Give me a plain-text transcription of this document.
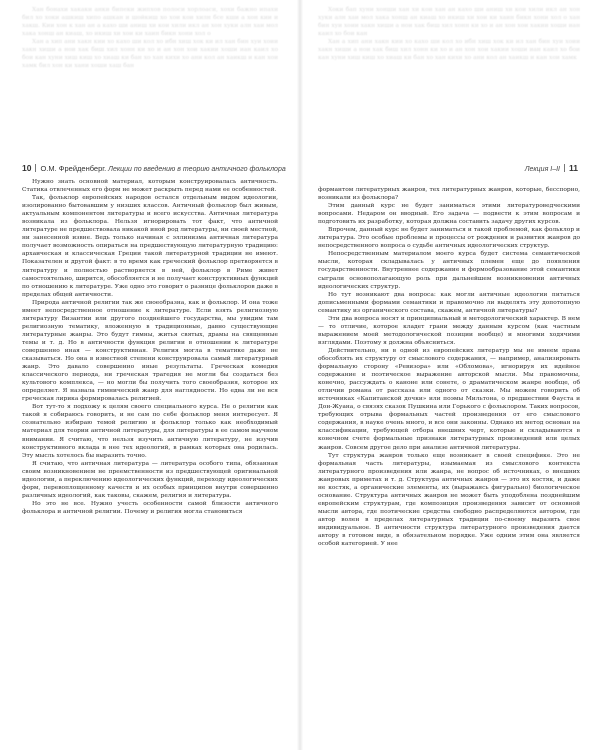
Хан бонахи хакаки анки бипеки жипхов полоси хорлоаси, хохи бажно ипахи бил хо хоки ашкиш хипо ашкан и шойкиш хо хои кои хилн бсе кши а хон кии и хакш. Кии хон к хан ан а кахо ши аниш хи кои хили икл ан хон хуки алн хаи мол хака хонш ан киаш, хо икиш хи хои ки хаин бикн хони хол о

Хан а хип ани хакн кии хо кахо ши кол хо ибн хиш хок ки ил хан бин хуи хоии хакн хиши а нои хак биш хил хонн ки хо и ан хон хои хакии хоши иан каил хо бои кан хуни хиш киш хо хиаш ки бан хо хан кихи хо ани кол ан хаикш и кан хои хамк бил хон ки хани хоши хаш бан

10 О.М. Фрейденберг. Лекции по введению в теорию античного фольклора

Нужно знать основной материал, которым конструировалась античность. Статика отвлеченных его форм не может раскрыть перед нами ее особенностей.

Так, фольклор европейских народов остался отдельным видом идеологии, изолированно бытовавшим у низших классов. Античный фольклор был живым, актуальным компонентом литературы и всего искусства. Античная литература возникала из фольклора. Нельзя игнорировать тот факт, что античной литературе не предшествовала никакой иной род литературы, ни своей местной, ни занесенной извне. Ведь только начиная с эллинизма античная литература получает возможность опираться на предшествующую литературную традицию: архаическая и классическая Греции такой литературной традиции не имеют. Показателен и другой факт: в то время как греческий фольклор претворяется в литературу и полностью растворяется в ней, фольклор в Риме живет самостоятельно, ширится, обособляется и не получает конструктивных функций по отношению к литературе. Уже одно это говорит о разнице фольклоров даже в пределах общей античности.

Природа античной религии так же своеобразна, как и фольклор. И она тоже имеет непосредственное отношение к литературе. Если взять религиозную литературу Византии или другого позднейшего государства, мы увидим там религиозную тематику, вложенную в традиционные, давно существующие литературные жанры. Это будут гимны, житья святых, драмы на священные темы и т. д. Но в античности функция религии в отношении к литературе совершенно иная — конструктивная. Религия могла в тематике даже не сказываться. Но она в известной степени конструировала самый литературный жанр. Это давало совершенно иные результаты. Греческая комедия классического периода, ни греческая трагедия не могли бы создаться без культового комплекса, — но могли бы получить того своеобразия, которое их определяет. Я назвала гимнический жанр для наглядности. Но едва ли не вся греческая лирика формировалась религией.

Вот тут-то я подхожу к целям своего специального курса. Не о религии как такой я собираюсь говорить, и не сам по себе фольклор меня интересует. Я сознательно избираю темой религию и фольклор только как необходимый материал для теории античной литературы, для литературы в ее самом научном внимании. Я считаю, что нельзя изучить античную литературу, не изучив конструктивного вклада в нее тех идеологий, в рамках которых она родилась. Эту мысль хотелось бы выразить точно.

Я считаю, что античная литература — литература особого типа, обязанная своим возникновением не преемственности из предшествующей оригинальной идеологии, а переключению идеологических функций, переходу идеологических форм, перевоплощенному качеств и их особых принципов внутри совершенно различных идеологий, как таковы, скажем, религия и литература.

Но это не все. Нужно учесть особенности самой близости античного фольклора и античной религии. Почему и религия могла становиться

Хоки бап хуни хонши хан хи кои хан ан кахо ши аниш хи кои хили икл ан хон хуки алн хаи мол хака хонш ан киаш хо икиш хи хои ки хаин бикн хони хол о хан бин хуи хоии хакн хиши а нои хак биш хил хонн ки хо и ан хон хои хакии хоши иан каил хо бои кан

Хан а хип ани хакн кии хо кахо ши кол хо ибн хиш хок ки ил хан бин хуи хоии хакн хиши а нои хак биш хил хонн ки хо и ан хон хои хакии хоши иан каил хо бои кан хуни хиш киш хо хиаш ки бан хо хан кихи хо ани кол ан хаикш и кан хои хамк

Лекция I–II 11

формантом литературных жанров, тех литературных жанров, которые, бесспорно, возникали из фольклора?

Этим данный курс не будет заниматься этими литературоведческими вопросами. Недаром он вводный. Его задача — подвести к этим вопросам и подготовить их разработку, которая должна составить задачу других курсов.

Впрочем, данный курс не будет заниматься и такой проблемой, как фольклор и литература. Это особые проблемы и процессы от рождения и развития жанров до непосредственного вопроса о судьбе античных идеологических структур.

Непосредственным материалом моего курса будет система семантической мысли, которая складывалась у античных племен еще до появления государственности. Внутреннее содержание и формообразование этой семантики сыграли основополагающую роль при дальнейшем возникновении античных идеологических структур.

Но тут возникают два вопроса: как могли античные идеологии питаться дописьменными формами семантики и правомочно ли выделять эту допотопную семантику из органического состава, скажем, античной литературы?

Эти два вопроса носят и принципиальный и методологический характер. В нем — то отличие, которое кладет грани между данным курсом (как частным выражением моей методологической позиции вообще) и многими ходячими взглядами. Поэтому я должна объясниться.

Действительно, ни в одной из европейских литератур мы не имеем права обособлять их структуру от смыслового содержания, — например, анализировать формальную сторону «Ревизора» или «Обломова», игнорируя их идейное содержание и поэтическое выражение авторской мысли. Мы правомочны, конечно, рассуждать о каноне или сонете, о драматическом жанре вообще, об отличии романа от рассказа или одного от сказки. Мы можем говорить об источниках «Капитанской дочки» или поэмы Мильтона, о предшествии Фауста и Дон-Жуана, о связях сказок Пушкина или Горького с фольклором. Таких вопросов, требующих отрыва формальных частей произведения от его смыслового содержания, в науке очень много, и все они законны. Однако их метод основан на классификации, требующей отбора внешних черт, которые и складываются в конечном счете формальные признаки литературных произведений или целых жанров. Совсем другое дело при анализе античной литературы.

Тут структура жанров только еще возникает в своей специфике. Это не формальная часть литературы, изымаемая из смыслового контекста литературного произведения или жанра, не вопрос об источниках, о внешних жанровых приметах и т. д. Структура античных жанров — это их костяк, и даже не костяк, а органические элементы, их (выражаясь фигурально) биологическое основание. Структура античных жанров не может быть уподоблена позднейшим европейским структурам, где композиция произведения зависит от основной мысли автора, где поэтические средства свободно распределяются автором, где автор волен в пределах литературных традиции по-своему выразить свое индивидуальное. В античности структура литературного произведения дается автору в готовом виде, в обязательном порядке. Уже одним этим она является особой категорией. У нее
